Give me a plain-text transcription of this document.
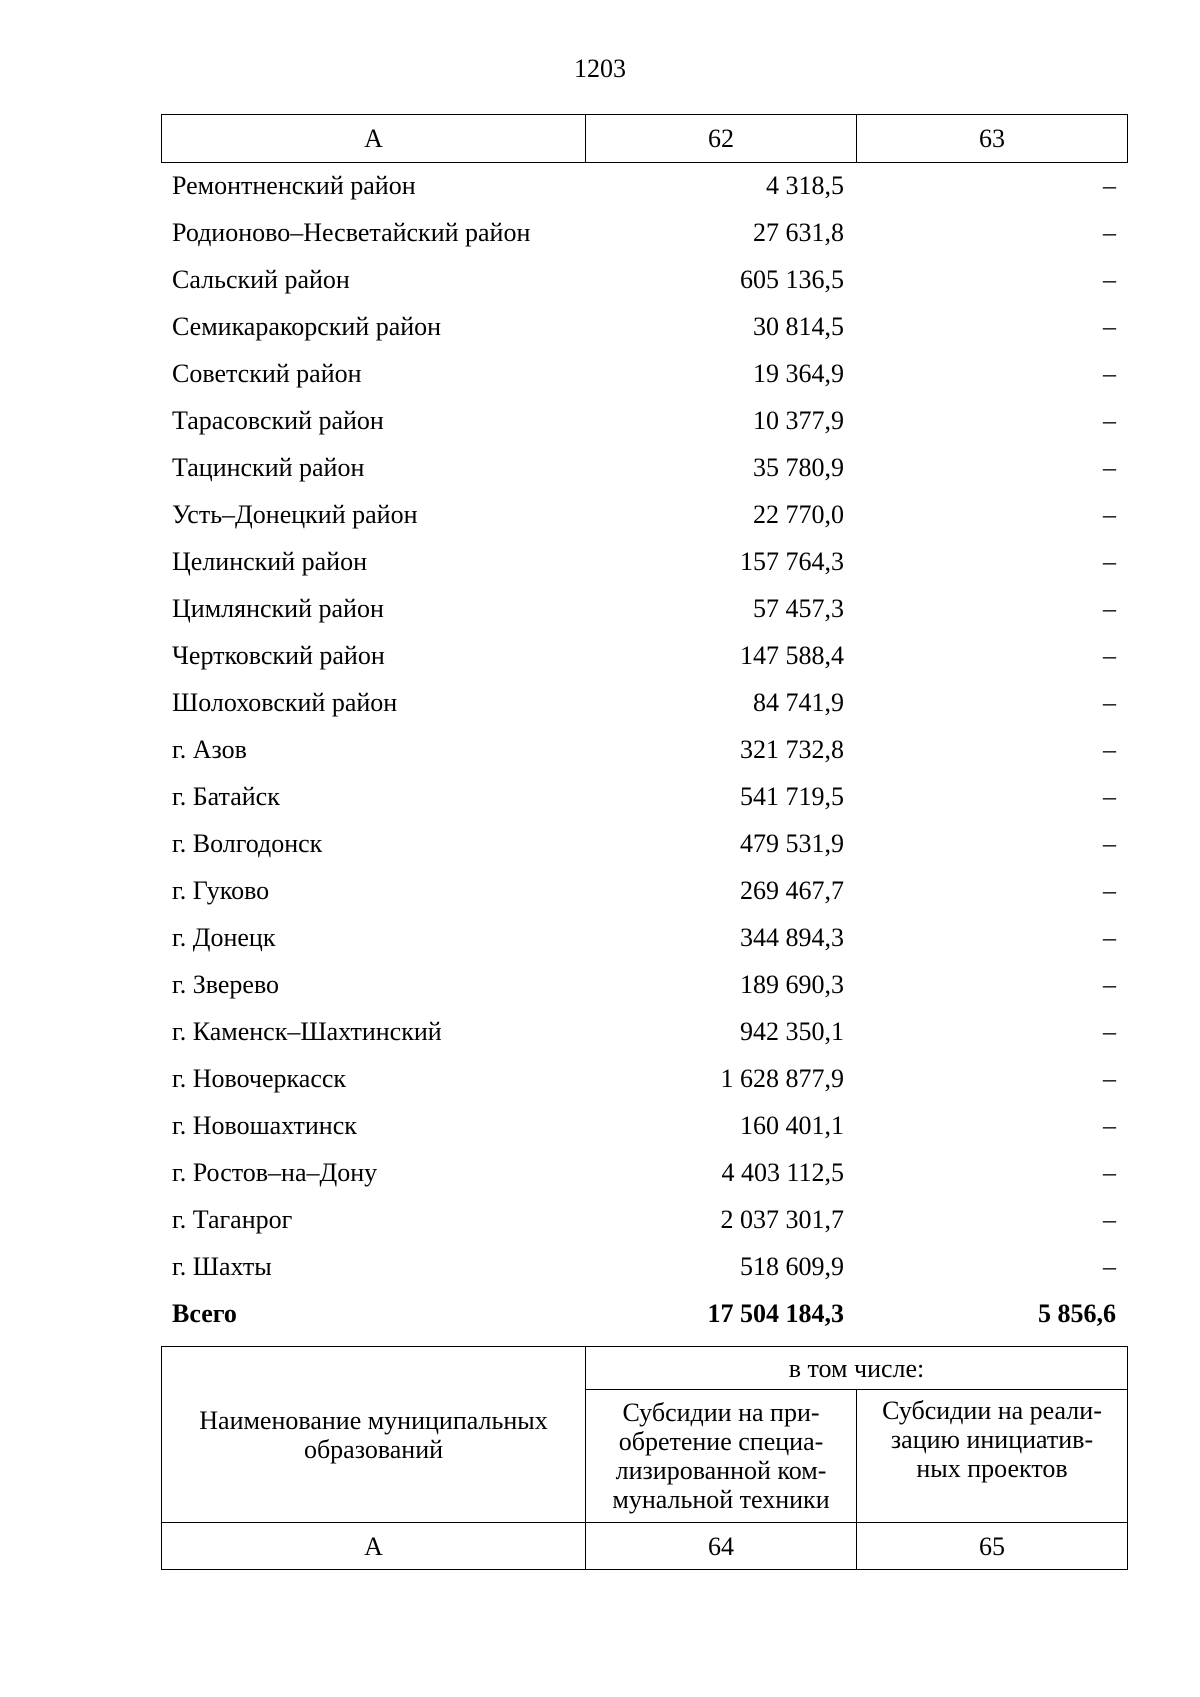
1203
А	62	63
Ремонтненский район	4 318,5	–
Родионово–Несветайский район	27 631,8	–
Сальский район	605 136,5	–
Семикаракорский район	30 814,5	–
Советский район	19 364,9	–
Тарасовский район	10 377,9	–
Тацинский район	35 780,9	–
Усть–Донецкий район	22 770,0	–
Целинский район	157 764,3	–
Цимлянский район	57 457,3	–
Чертковский район	147 588,4	–
Шолоховский район	84 741,9	–
г. Азов	321 732,8	–
г. Батайск	541 719,5	–
г. Волгодонск	479 531,9	–
г. Гуково	269 467,7	–
г. Донецк	344 894,3	–
г. Зверево	189 690,3	–
г. Каменск–Шахтинский	942 350,1	–
г. Новочеркасск	1 628 877,9	–
г. Новошахтинск	160 401,1	–
г. Ростов–на–Дону	4 403 112,5	–
г. Таганрог	2 037 301,7	–
г. Шахты	518 609,9	–
Всего	17 504 184,3	5 856,6
Наименование муниципальных образований	в том числе:	

	Субсидии на при-обретение специа-лизированной ком-мунальной техники	Субсидии на реали-зацию инициатив-ных проектов

А	64	65
